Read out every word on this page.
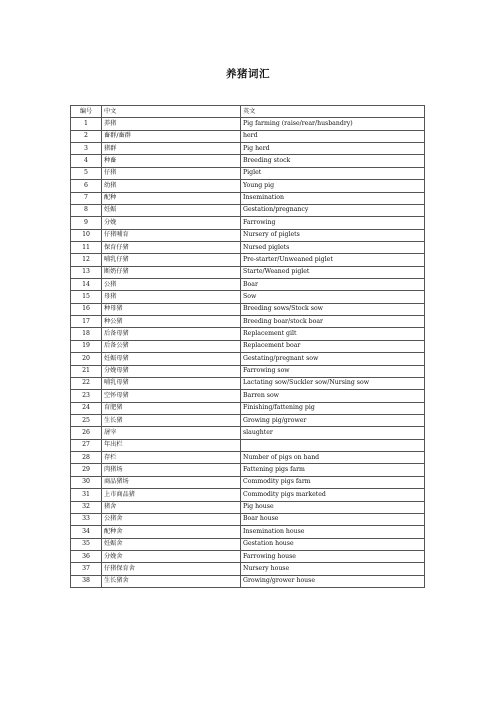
养猪词汇
编号	中文	英文
1	养猪	Pig farming (raise/rear/husbandry)
2	畜群/畜群	herd
3	猪群	Pig herd
4	种畜	Breeding stock
5	仔猪	Piglet
6	幼猪	Young pig
7	配种	Insemination
8	妊娠	Gestation/pregnancy
9	分娩	Farrowing
10	仔猪哺育	Nursery of piglets
11	保育仔猪	Nursed piglets
12	哺乳仔猪	Pre-starter/Unweaned piglet
13	断奶仔猪	Starte/Weaned piglet
14	公猪	Boar
15	母猪	Sow
16	种母猪	Breeding sows/Stock sow
17	种公猪	Breeding boar/stock boar
18	后备母猪	Replacement gilt
19	后备公猪	Replacement boar
20	妊娠母猪	Gestating/pregnant sow
21	分娩母猪	Farrowing sow
22	哺乳母猪	Lactating sow/Suckler sow/Nursing sow
23	空怀母猪	Barren sow
24	育肥猪	Finishing/fattening pig
25	生长猪	Growing pig/grower
26	屠宰	slaughter
27	年出栏	
28	存栏	Number of pigs on hand
29	肉猪场	Fattening pigs farm
30	商品猪场	Commodity pigs farm
31	上市商品猪	Commodity pigs marketed
32	猪舍	Pig house
33	公猪舍	Boar house
34	配种舍	Insemination house
35	妊娠舍	Gestation house
36	分娩舍	Farrowing house
37	仔猪保育舍	Nursery house
38	生长猪舍	Growing/grower house
